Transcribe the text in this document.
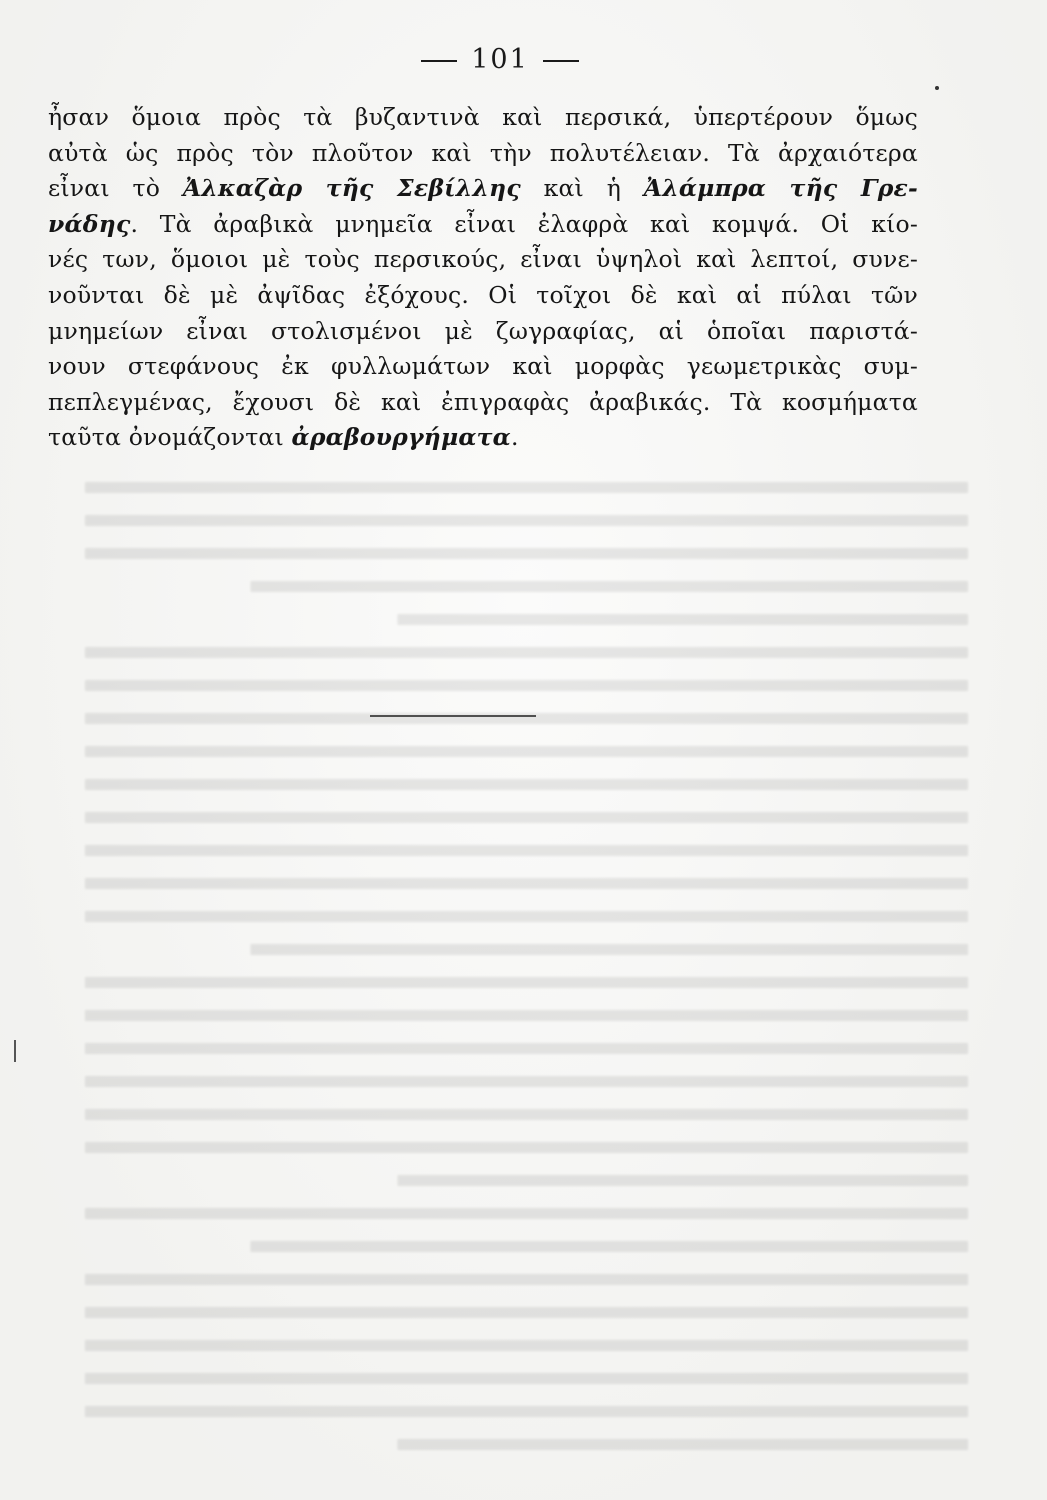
101
ἦσαν ὅμοια πρὸς τὰ βυζαντινὰ καὶ περσικά, ὑπερτέρουν ὅμως
αὐτὰ ὡς πρὸς τὸν πλοῦτον καὶ τὴν πολυτέλειαν. Τὰ ἀρχαιότερα
εἶναι τὸ Ἀλκαζὰρ τῆς Σεβίλλης καὶ ἡ Ἀλάμπρα τῆς Γρε-
νάδης. Τὰ ἀραβικὰ μνημεῖα εἶναι ἐλαφρὰ καὶ κομψά. Οἱ κίο-
νές των, ὅμοιοι μὲ τοὺς περσικούς, εἶναι ὑψηλοὶ καὶ λεπτοί, συνε-
νοῦνται δὲ μὲ ἀψῖδας ἐξόχους. Οἱ τοῖχοι δὲ καὶ αἱ πύλαι τῶν
μνημείων εἶναι στολισμένοι μὲ ζωγραφίας, αἱ ὁποῖαι παριστά-
νουν στεφάνους ἐκ φυλλωμάτων καὶ μορφὰς γεωμετρικὰς συμ-
πεπλεγμένας, ἔχουσι δὲ καὶ ἐπιγραφὰς ἀραβικάς. Τὰ κοσμήματα
ταῦτα ὀνομάζονται ἀραβουργήματα.
